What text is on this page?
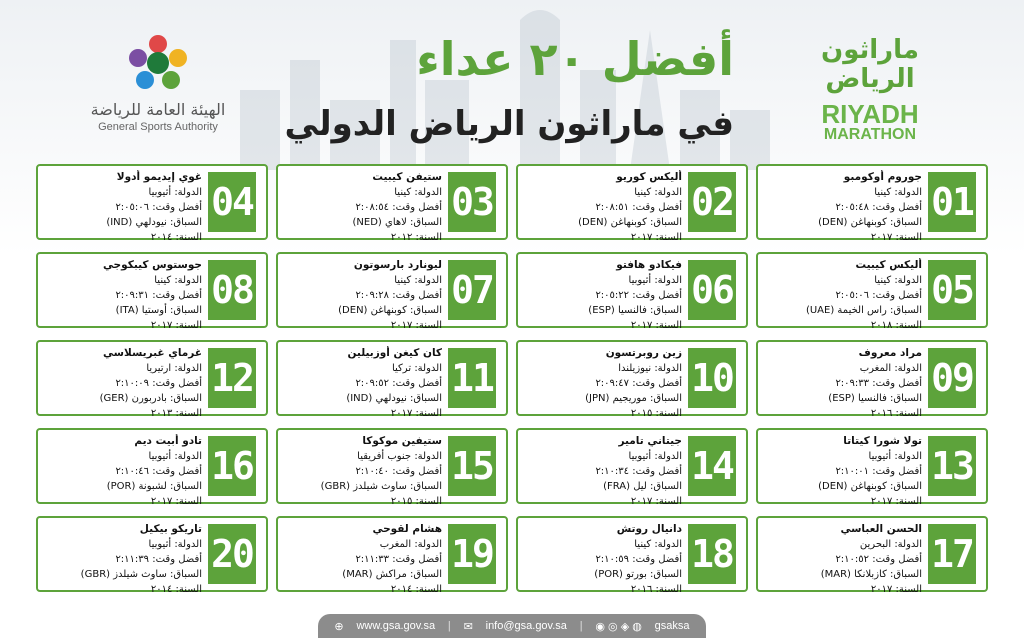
الهيئة العامة للرياضة
General Sports Authority
أفضل ٢٠ عداء
في ماراثون الرياض الدولي
ماراثون الرياض
RIYADH
MARATHON
01
جوروم أوكومبو
الدولة: كينيا
أفضل وقت: ٢:٠٥:٤٨
السباق: كوبنهاغن (DEN)
السنة: ٢٠١٧
02
أليكس كوريو
الدولة: كينيا
أفضل وقت: ٢:٠٨:٥١
السباق: كوبنهاغن (DEN)
السنة: ٢٠١٧
03
ستيفن كيبيت
الدولة: كينيا
أفضل وقت: ٢:٠٨:٥٤
السباق: لاهاي (NED)
السنة: ٢٠١٢
04
غوي إيديمو أدولا
الدولة: أثيوبيا
أفضل وقت: ٢:٠٥:٠٦
السباق: نيودلهي (IND)
السنة: ٢٠١٤
05
أليكس كيبيت
الدولة: كينيا
أفضل وقت: ٢:٠٥:٠٦
السباق: راس الخيمة (UAE)
السنة: ٢٠١٨
06
فيكادو هافتو
الدولة: أثيوبيا
أفضل وقت: ٢:٠٥:٢٢
السباق: فالنسيا (ESP)
السنة: ٢٠١٧
07
ليونارد بارسوتون
الدولة: كينيا
أفضل وقت: ٢:٠٩:٢٨
السباق: كوبنهاغن (DEN)
السنة: ٢٠١٧
08
جوستوس كيبكوجي
الدولة: كينيا
أفضل وقت: ٢:٠٩:٣١
السباق: أوستيا (ITA)
السنة: ٢٠١٧
09
مراد معروف
الدولة: المغرب
أفضل وقت: ٢:٠٩:٣٣
السباق: فالنسيا (ESP)
السنة: ٢٠١٦
10
زين روبرتسون
الدولة: نيوزيلندا
أفضل وقت: ٢:٠٩:٤٧
السباق: موريجيم (JPN)
السنة: ٢٠١٥
11
كان كيغن أوزبيلين
الدولة: تركيا
أفضل وقت: ٢:٠٩:٥٢
السباق: نيودلهي (IND)
السنة: ٢٠١٧
12
غرماي غبريسلاسي
الدولة: ارتيريا
أفضل وقت: ٢:١٠:٠٩
السباق: بادربورن (GER)
السنة: ٢٠١٣
13
تولا شورا كيتاتا
الدولة: أثيوبيا
أفضل وقت: ٢:١٠:٠١
السباق: كوبنهاغن (DEN)
السنة: ٢٠١٧
14
جيتاني تامير
الدولة: أثيوبيا
أفضل وقت: ٢:١٠:٣٤
السباق: ليل (FRA)
السنة: ٢٠١٧
15
ستيفين موكوكا
الدولة: جنوب أفريقيا
أفضل وقت: ٢:١٠:٤٠
السباق: ساوث شيلدز (GBR)
السنة: ٢٠١٥
16
تادو أبيت ديم
الدولة: أثيوبيا
أفضل وقت: ٢:١٠:٤٦
السباق: لشبونة (POR)
السنة: ٢٠١٧
17
الحسن العباسي
الدولة: البحرين
أفضل وقت: ٢:١٠:٥٢
السباق: كازبلانكا (MAR)
السنة: ٢٠١٧
18
دانيال روتش
الدولة: كينيا
أفضل وقت: ٢:١٠:٥٩
السباق: بورتو (POR)
السنة: ٢٠١٦
19
هشام لقوحي
الدولة: المغرب
أفضل وقت: ٢:١١:٣٣
السباق: مراكش (MAR)
السنة: ٢٠١٤
20
تاريكو بيكيل
الدولة: أثيوبيا
أفضل وقت: ٢:١١:٣٩
السباق: ساوث شيلدز (GBR)
السنة: ٢٠١٤
⊕ www.gsa.gov.sa | ✉ info@gsa.gov.sa | ◉ ◎ ◈ ◍ gsaksa
